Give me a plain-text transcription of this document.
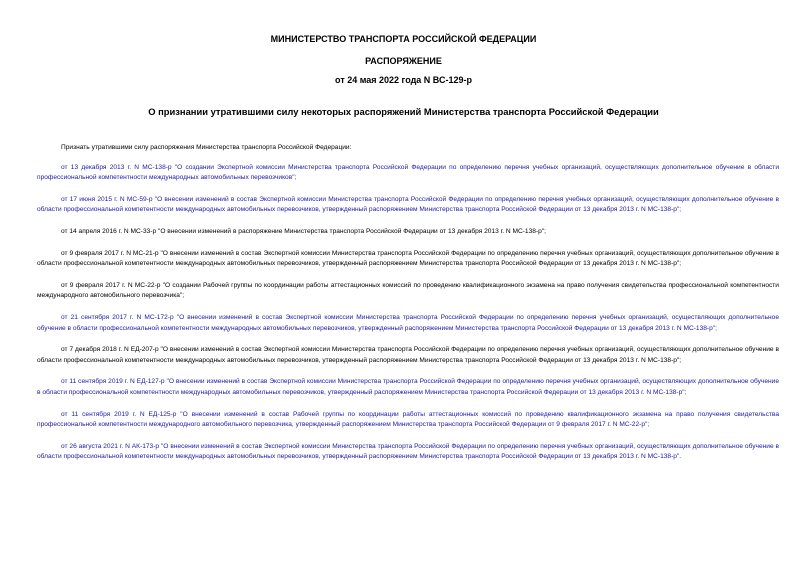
МИНИСТЕРСТВО ТРАНСПОРТА РОССИЙСКОЙ ФЕДЕРАЦИИ
РАСПОРЯЖЕНИЕ
от 24 мая 2022 года N ВС-129-р
О признании утратившими силу некоторых распоряжений Министерства транспорта Российской Федерации

Признать утратившими силу распоряжения Министерства транспорта Российской Федерации:

от 13 декабря 2013 г. N МС-138-р "О создании Экспертной комиссии Министерства транспорта Российской Федерации по определению перечня учебных организаций, осуществляющих дополнительное обучение в области профессиональной компетентности международных автомобильных перевозчиков";

от 17 июня 2015 г. N МС-59-р "О внесении изменений в состав Экспертной комиссии Министерства транспорта Российской Федерации по определению перечня учебных организаций, осуществляющих дополнительное обучение в области профессиональной компетентности международных автомобильных перевозчиков, утвержденный распоряжением Министерства транспорта Российской Федерации от 13 декабря 2013 г. N МС-138-р";

от 14 апреля 2016 г. N МС-33-р "О внесении изменений в распоряжение Министерства транспорта Российской Федерации от 13 декабря 2013 г. N МС-138-р";

от 9 февраля 2017 г. N МС-21-р "О внесении изменений в состав Экспертной комиссии Министерства транспорта Российской Федерации по определению перечня учебных организаций, осуществляющих дополнительное обучение в области профессиональной компетентности международных автомобильных перевозчиков, утвержденный распоряжением Министерства транспорта Российской Федерации от 13 декабря 2013 г. N МС-138-р";

от 9 февраля 2017 г. N МС-22-р "О создании Рабочей группы по координации работы аттестационных комиссий по проведению квалификационного экзамена на право получения свидетельства профессиональной компетентности международного автомобильного перевозчика";

от 21 сентября 2017 г. N МС-172-р "О внесении изменений в состав Экспертной комиссии Министерства транспорта Российской Федерации по определению перечня учебных организаций, осуществляющих дополнительное обучение в области профессиональной компетентности международных автомобильных перевозчиков, утвержденный распоряжением Министерства транспорта Российской Федерации от 13 декабря 2013 г. N МС-138-р";

от 7 декабря 2018 г. N ЕД-207-р "О внесении изменений в состав Экспертной комиссии Министерства транспорта Российской Федерации по определению перечня учебных организаций, осуществляющих дополнительное обучение в области профессиональной компетентности международных автомобильных перевозчиков, утвержденный распоряжением Министерства транспорта Российской Федерации от 13 декабря 2013 г. N МС-138-р";

от 11 сентября 2019 г. N ЕД-127-р "О внесении изменений в состав Экспертной комиссии Министерства транспорта Российской Федерации по определению перечня учебных организаций, осуществляющих дополнительное обучение в области профессиональной компетентности международных автомобильных перевозчиков, утвержденный распоряжением Министерства транспорта Российской Федерации от 13 декабря 2013 г. N МС-138-р";

от 11 сентября 2019 г. N ЕД-125-р "О внесении изменений в состав Рабочей группы по координации работы аттестационных комиссий по проведению квалификационного экзамена на право получения свидетельства профессиональной компетентности международного автомобильного перевозчика, утвержденный распоряжением Министерства транспорта Российской Федерации от 9 февраля 2017 г. N МС-22-р";

от 26 августа 2021 г. N АК-173-р "О внесении изменений в состав Экспертной комиссии Министерства транспорта Российской Федерации по определению перечня учебных организаций, осуществляющих дополнительное обучение в области профессиональной компетентности международных автомобильных перевозчиков, утвержденный распоряжением Министерства транспорта Российской Федерации от 13 декабря 2013 г. N МС-138-р".
